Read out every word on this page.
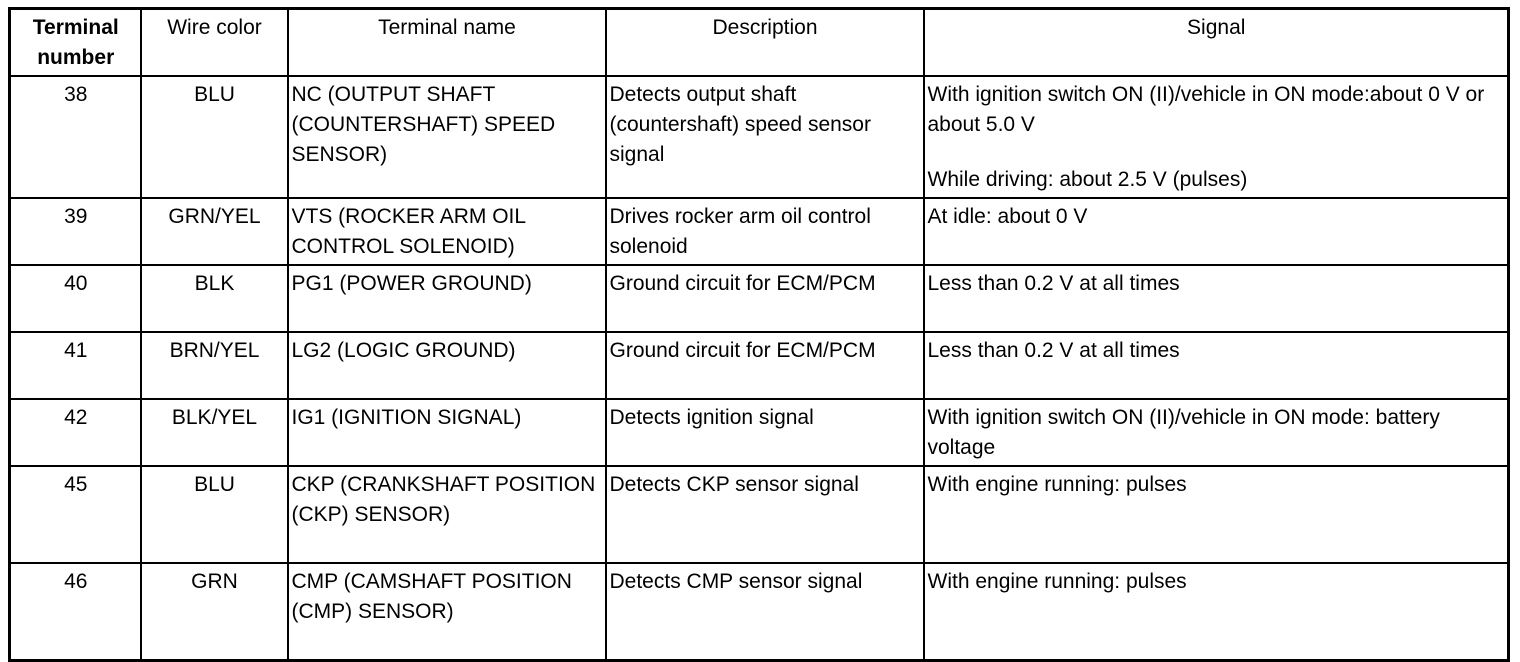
Terminal number	Wire color	Terminal name	Description	Signal
38	BLU	NC (OUTPUT SHAFT (COUNTERSHAFT) SPEED SENSOR)	Detects output shaft (countershaft) speed sensor signal	With ignition switch ON (II)/vehicle in ON mode:about 0 V or about 5.0 V
While driving: about 2.5 V (pulses)

39	GRN/YEL	VTS (ROCKER ARM OIL CONTROL SOLENOID)	Drives rocker arm oil control solenoid	At idle: about 0 V

40	BLK	PG1 (POWER GROUND)	Ground circuit for ECM/PCM	Less than 0.2 V at all times

41	BRN/YEL	LG2 (LOGIC GROUND)	Ground circuit for ECM/PCM	Less than 0.2 V at all times

42	BLK/YEL	IG1 (IGNITION SIGNAL)	Detects ignition signal	With ignition switch ON (II)/vehicle in ON mode: battery voltage

45	BLU	CKP (CRANKSHAFT POSITION (CKP) SENSOR)	Detects CKP sensor signal	With engine running: pulses

46	GRN	CMP (CAMSHAFT POSITION (CMP) SENSOR)	Detects CMP sensor signal	With engine running: pulses
